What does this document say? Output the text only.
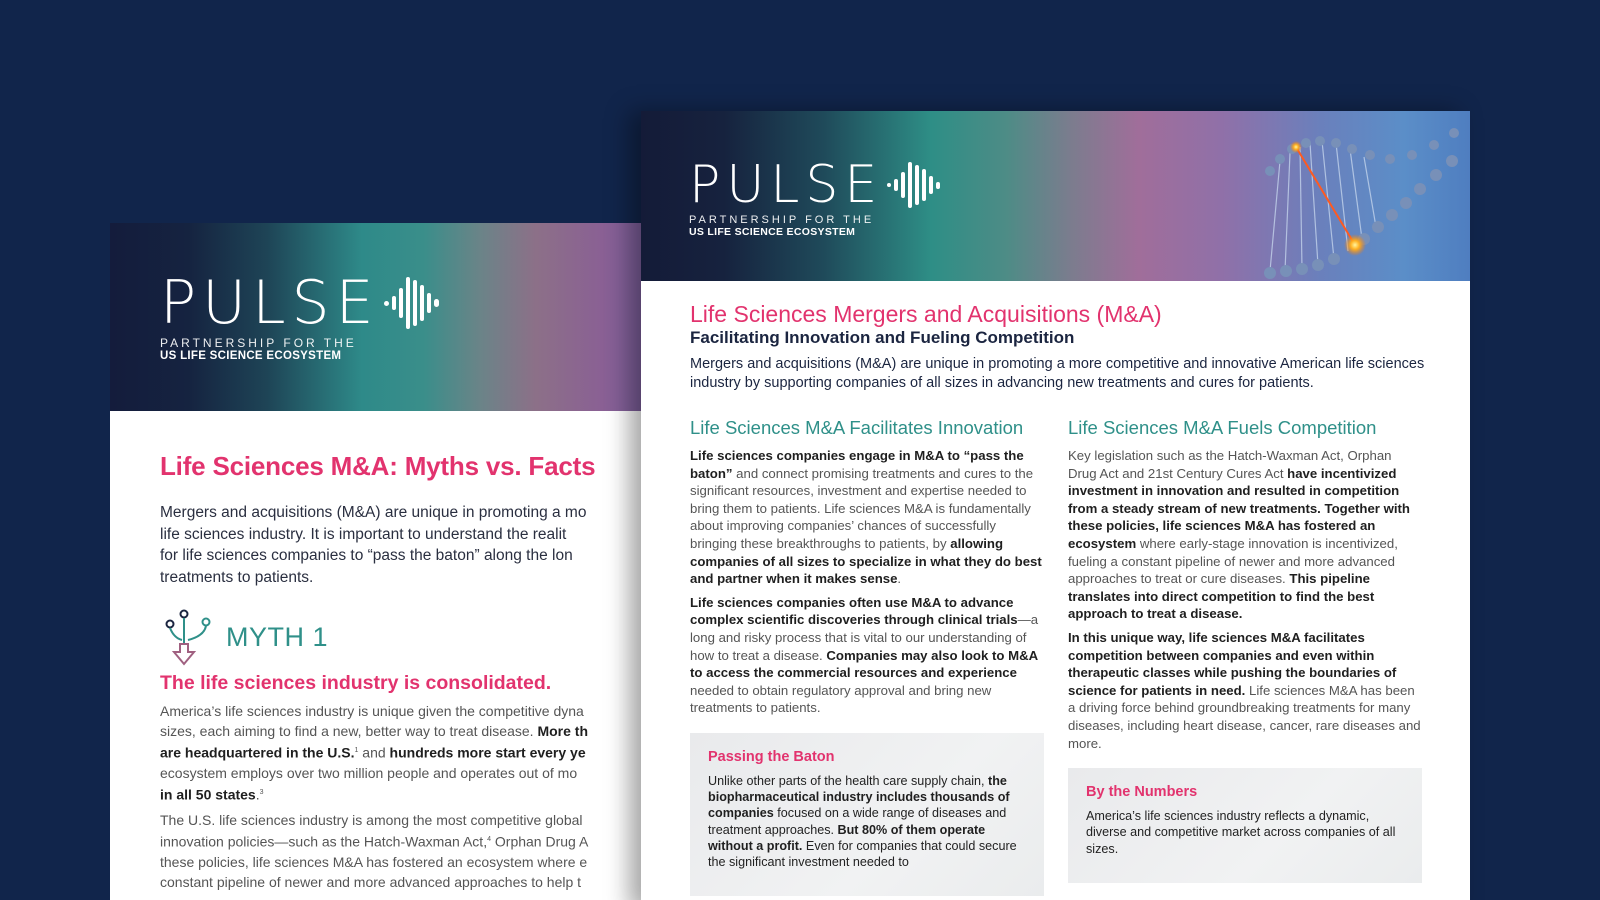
PULSE
PARTNERSHIP FOR THE
US LIFE SCIENCE ECOSYSTEM
Life Sciences M&A: Myths vs. Facts
Mergers and acquisitions (M&A) are unique in promoting a mo
life sciences industry. It is important to understand the realit
for life sciences companies to “pass the baton” along the lon
treatments to patients.
MYTH 1
The life sciences industry is consolidated.

America’s life sciences industry is unique given the competitive dyna
sizes, each aiming to find a new, better way to treat disease. More th
are headquartered in the U.S.$^1$ and hundreds more start every ye
ecosystem employs over two million people and operates out of mo
in all 50 states.$^3$

The U.S. life sciences industry is among the most competitive global
innovation policies—such as the Hatch-Waxman Act,$^4$ Orphan Drug A
these policies, life sciences M&A has fostered an ecosystem where e
constant pipeline of newer and more advanced approaches to help t

PULSE
PARTNERSHIP FOR THE
US LIFE SCIENCE ECOSYSTEM
Life Sciences Mergers and Acquisitions (M&A)
Facilitating Innovation and Fueling Competition

Mergers and acquisitions (M&A) are unique in promoting a more competitive and innovative American life sciences industry by supporting companies of all sizes in advancing new treatments and cures for patients.

Life Sciences M&A Facilitates Innovation

Life sciences companies engage in M&A to “pass the baton” and connect promising treatments and cures to the significant resources, investment and expertise needed to bring them to patients. Life sciences M&A is fundamentally about improving companies’ chances of successfully bringing these breakthroughs to patients, by allowing companies of all sizes to specialize in what they do best and partner when it makes sense.

Life sciences companies often use M&A to advance complex scientific discoveries through clinical trials—a long and risky process that is vital to our understanding of how to treat a disease. Companies may also look to M&A to access the commercial resources and experience needed to obtain regulatory approval and bring new treatments to patients.

Passing the Baton

Unlike other parts of the health care supply chain, the biopharmaceutical industry includes thousands of companies focused on a wide range of diseases and treatment approaches. But 80% of them operate without a profit. Even for companies that could secure the significant investment needed to

Life Sciences M&A Fuels Competition

Key legislation such as the Hatch-Waxman Act, Orphan Drug Act and 21st Century Cures Act have incentivized investment in innovation and resulted in competition from a steady stream of new treatments. Together with these policies, life sciences M&A has fostered an ecosystem where early-stage innovation is incentivized, fueling a constant pipeline of newer and more advanced approaches to treat or cure diseases. This pipeline translates into direct competition to find the best approach to treat a disease.

In this unique way, life sciences M&A facilitates competition between companies and even within therapeutic classes while pushing the boundaries of science for patients in need. Life sciences M&A has been a driving force behind groundbreaking treatments for many diseases, including heart disease, cancer, rare diseases and more.

By the Numbers

America’s life sciences industry reflects a dynamic, diverse and competitive market across companies of all sizes.
